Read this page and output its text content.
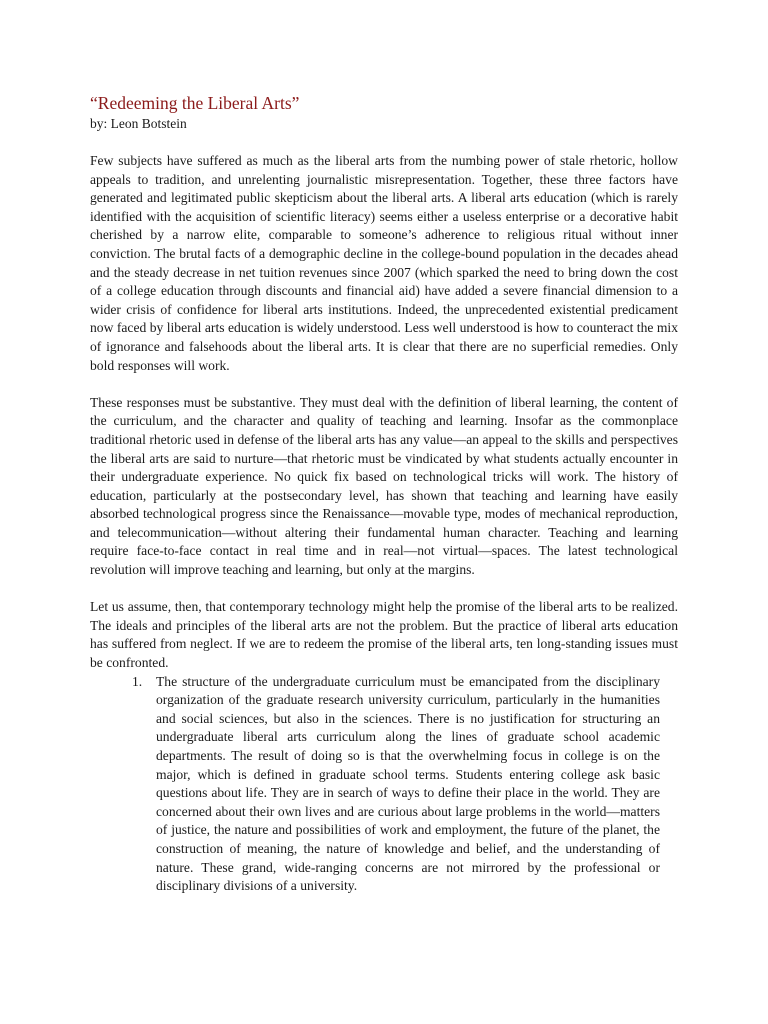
“Redeeming the Liberal Arts”
by: Leon Botstein

Few subjects have suffered as much as the liberal arts from the numbing power of stale rhetoric, hollow appeals to tradition, and unrelenting journalistic misrepresentation. Together, these three factors have generated and legitimated public skepticism about the liberal arts. A liberal arts education (which is rarely identified with the acquisition of scientific literacy) seems either a useless enterprise or a decorative habit cherished by a narrow elite, comparable to someone’s adherence to religious ritual without inner conviction. The brutal facts of a demographic decline in the college-bound population in the decades ahead and the steady decrease in net tuition revenues since 2007 (which sparked the need to bring down the cost of a college education through discounts and financial aid) have added a severe financial dimension to a wider crisis of confidence for liberal arts institutions. Indeed, the unprecedented existential predicament now faced by liberal arts education is widely understood. Less well understood is how to counteract the mix of ignorance and falsehoods about the liberal arts. It is clear that there are no superficial remedies. Only bold responses will work.

These responses must be substantive. They must deal with the definition of liberal learning, the content of the curriculum, and the character and quality of teaching and learning. Insofar as the commonplace traditional rhetoric used in defense of the liberal arts has any value—an appeal to the skills and perspectives the liberal arts are said to nurture—that rhetoric must be vindicated by what students actually encounter in their undergraduate experience. No quick fix based on technological tricks will work. The history of education, particularly at the postsecondary level, has shown that teaching and learning have easily absorbed technological progress since the Renaissance—movable type, modes of mechanical reproduction, and telecommunication—without altering their fundamental human character. Teaching and learning require face-to-face contact in real time and in real—not virtual—spaces. The latest technological revolution will improve teaching and learning, but only at the margins.

Let us assume, then, that contemporary technology might help the promise of the liberal arts to be realized. The ideals and principles of the liberal arts are not the problem. But the practice of liberal arts education has suffered from neglect. If we are to redeem the promise of the liberal arts, ten long-standing issues must be confronted.

1. The structure of the undergraduate curriculum must be emancipated from the disciplinary organization of the graduate research university curriculum, particularly in the humanities and social sciences, but also in the sciences. There is no justification for structuring an undergraduate liberal arts curriculum along the lines of graduate school academic departments. The result of doing so is that the overwhelming focus in college is on the major, which is defined in graduate school terms. Students entering college ask basic questions about life. They are in search of ways to define their place in the world. They are concerned about their own lives and are curious about large problems in the world—matters of justice, the nature and possibilities of work and employment, the future of the planet, the construction of meaning, the nature of knowledge and belief, and the understanding of nature. These grand, wide-ranging concerns are not mirrored by the professional or disciplinary divisions of a university.
